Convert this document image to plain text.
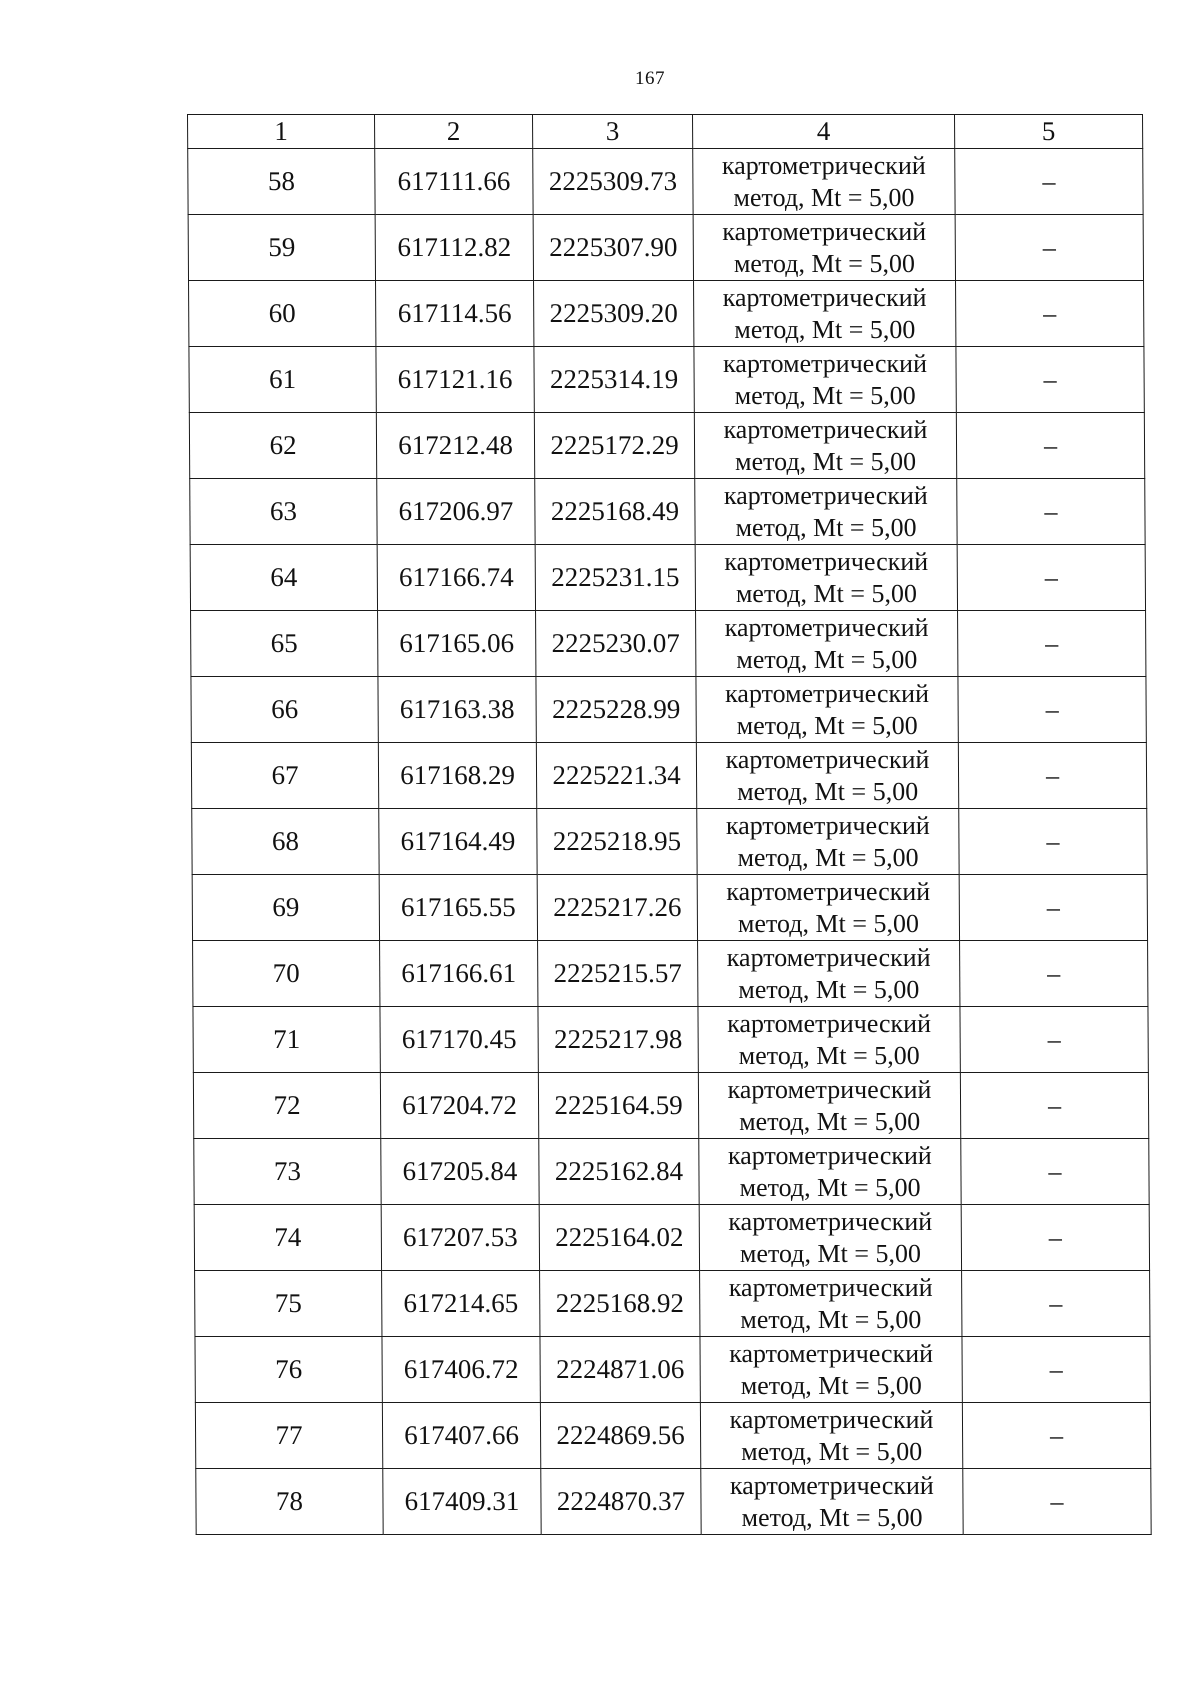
167
1	2	3	4	5
58	617111.66	2225309.73	картометрический
метод, Mt = 5,00	–
59	617112.82	2225307.90	картометрический
метод, Mt = 5,00	–
60	617114.56	2225309.20	картометрический
метод, Mt = 5,00	–
61	617121.16	2225314.19	картометрический
метод, Mt = 5,00	–
62	617212.48	2225172.29	картометрический
метод, Mt = 5,00	–
63	617206.97	2225168.49	картометрический
метод, Mt = 5,00	–
64	617166.74	2225231.15	картометрический
метод, Mt = 5,00	–
65	617165.06	2225230.07	картометрический
метод, Mt = 5,00	–
66	617163.38	2225228.99	картометрический
метод, Mt = 5,00	–
67	617168.29	2225221.34	картометрический
метод, Mt = 5,00	–
68	617164.49	2225218.95	картометрический
метод, Mt = 5,00	–
69	617165.55	2225217.26	картометрический
метод, Mt = 5,00	–
70	617166.61	2225215.57	картометрический
метод, Mt = 5,00	–
71	617170.45	2225217.98	картометрический
метод, Mt = 5,00	–
72	617204.72	2225164.59	картометрический
метод, Mt = 5,00	–
73	617205.84	2225162.84	картометрический
метод, Mt = 5,00	–
74	617207.53	2225164.02	картометрический
метод, Mt = 5,00	–
75	617214.65	2225168.92	картометрический
метод, Mt = 5,00	–
76	617406.72	2224871.06	картометрический
метод, Mt = 5,00	–
77	617407.66	2224869.56	картометрический
метод, Mt = 5,00	–
78	617409.31	2224870.37	картометрический
метод, Mt = 5,00	–
